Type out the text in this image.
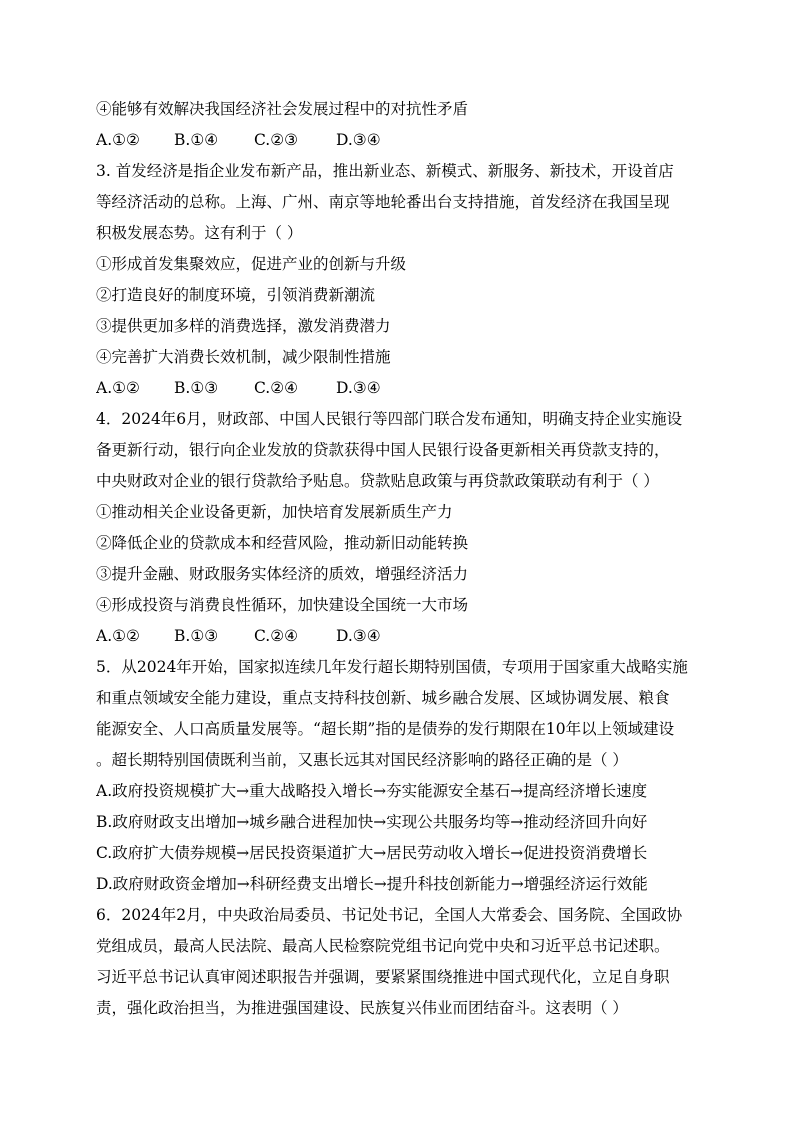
④能够有效解决我国经济社会发展过程中的对抗性矛盾
A.①②	B.①④	C.②③	D.③④
3. 首发经济是指企业发布新产品，推出新业态、新模式、新服务、新技术，开设首店
等经济活动的总称。上海、广州、南京等地轮番出台支持措施，首发经济在我国呈现
积极发展态势。这有利于（ ）
①形成首发集聚效应，促进产业的创新与升级
②打造良好的制度环境，引领消费新潮流
③提供更加多样的消费选择，激发消费潜力
④完善扩大消费长效机制，减少限制性措施
A.①②	B.①③	C.②④	D.③④
4．2024年6月，财政部、中国人民银行等四部门联合发布通知，明确支持企业实施设
备更新行动，银行向企业发放的贷款获得中国人民银行设备更新相关再贷款支持的，
中央财政对企业的银行贷款给予贴息。贷款贴息政策与再贷款政策联动有利于（ ）
①推动相关企业设备更新，加快培育发展新质生产力
②降低企业的贷款成本和经营风险，推动新旧动能转换
③提升金融、财政服务实体经济的质效，增强经济活力
④形成投资与消费良性循环，加快建设全国统一大市场
A.①②	B.①③	C.②④	D.③④
5．从2024年开始，国家拟连续几年发行超长期特别国债，专项用于国家重大战略实施
和重点领域安全能力建设，重点支持科技创新、城乡融合发展、区域协调发展、粮食
能源安全、人口高质量发展等。“超长期”指的是债券的发行期限在10年以上领域建设
。超长期特别国债既利当前，又惠长远其对国民经济影响的路径正确的是（ ）
A.政府投资规模扩大→重大战略投入增长→夯实能源安全基石→提高经济增长速度
B.政府财政支出增加→城乡融合进程加快→实现公共服务均等→推动经济回升向好
C.政府扩大债券规模→居民投资渠道扩大→居民劳动收入增长→促进投资消费增长
D.政府财政资金增加→科研经费支出增长→提升科技创新能力→增强经济运行效能
6．2024年2月，中央政治局委员、书记处书记，全国人大常委会、国务院、全国政协
党组成员，最高人民法院、最高人民检察院党组书记向党中央和习近平总书记述职。
习近平总书记认真审阅述职报告并强调，要紧紧围绕推进中国式现代化，立足自身职
责，强化政治担当，为推进强国建设、民族复兴伟业而团结奋斗。这表明（ ）
